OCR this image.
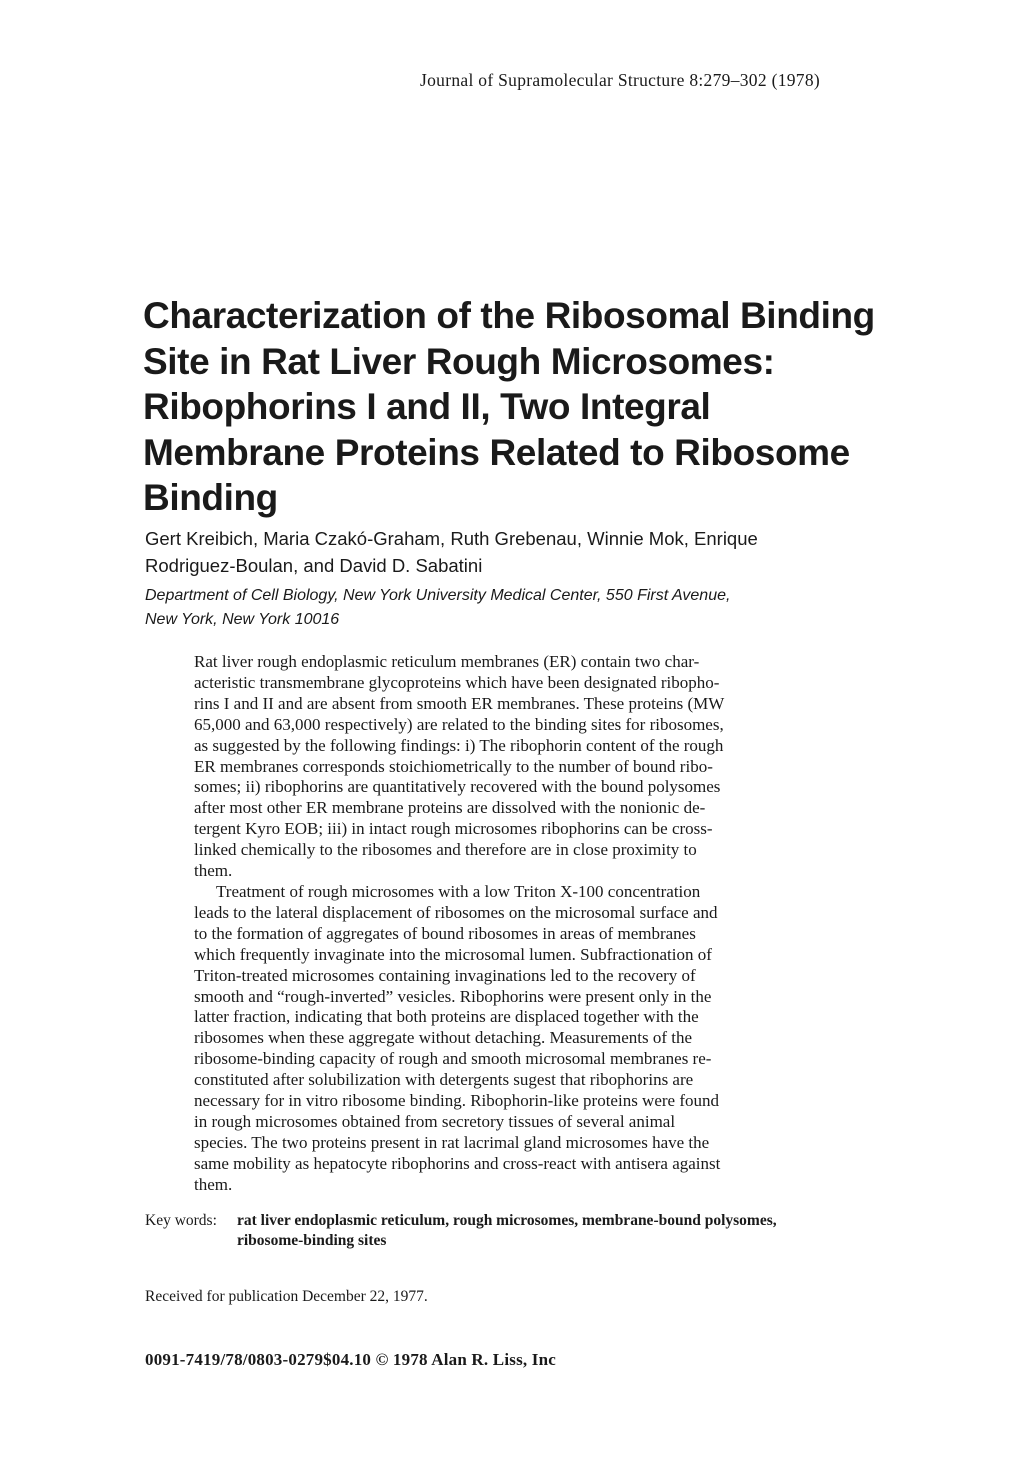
Journal of Supramolecular Structure 8:279–302 (1978)
Characterization of the Ribosomal Binding
Site in Rat Liver Rough Microsomes:
Ribophorins I and II, Two Integral
Membrane Proteins Related to Ribosome
Binding
Gert Kreibich, Maria Czakó-Graham, Ruth Grebenau, Winnie Mok, Enrique
Rodriguez-Boulan, and David D. Sabatini
Department of Cell Biology, New York University Medical Center, 550 First Avenue,
New York, New York 10016
Rat liver rough endoplasmic reticulum membranes (ER) contain two char-
acteristic transmembrane glycoproteins which have been designated ribopho-
rins I and II and are absent from smooth ER membranes. These proteins (MW
65,000 and 63,000 respectively) are related to the binding sites for ribosomes,
as suggested by the following findings: i) The ribophorin content of the rough
ER membranes corresponds stoichiometrically to the number of bound ribo-
somes; ii) ribophorins are quantitatively recovered with the bound polysomes
after most other ER membrane proteins are dissolved with the nonionic de-
tergent Kyro EOB; iii) in intact rough microsomes ribophorins can be cross-
linked chemically to the ribosomes and therefore are in close proximity to
them.
Treatment of rough microsomes with a low Triton X-100 concentration
leads to the lateral displacement of ribosomes on the microsomal surface and
to the formation of aggregates of bound ribosomes in areas of membranes
which frequently invaginate into the microsomal lumen. Subfractionation of
Triton-treated microsomes containing invaginations led to the recovery of
smooth and “rough-inverted” vesicles. Ribophorins were present only in the
latter fraction, indicating that both proteins are displaced together with the
ribosomes when these aggregate without detaching. Measurements of the
ribosome-binding capacity of rough and smooth microsomal membranes re-
constituted after solubilization with detergents sugest that ribophorins are
necessary for in vitro ribosome binding. Ribophorin-like proteins were found
in rough microsomes obtained from secretory tissues of several animal
species. The two proteins present in rat lacrimal gland microsomes have the
same mobility as hepatocyte ribophorins and cross-react with antisera against
them.
Key words: rat liver endoplasmic reticulum, rough microsomes, membrane-bound polysomes,
ribosome-binding sites
Received for publication December 22, 1977.
0091-7419/78/0803-0279$04.10 © 1978 Alan R. Liss, Inc
